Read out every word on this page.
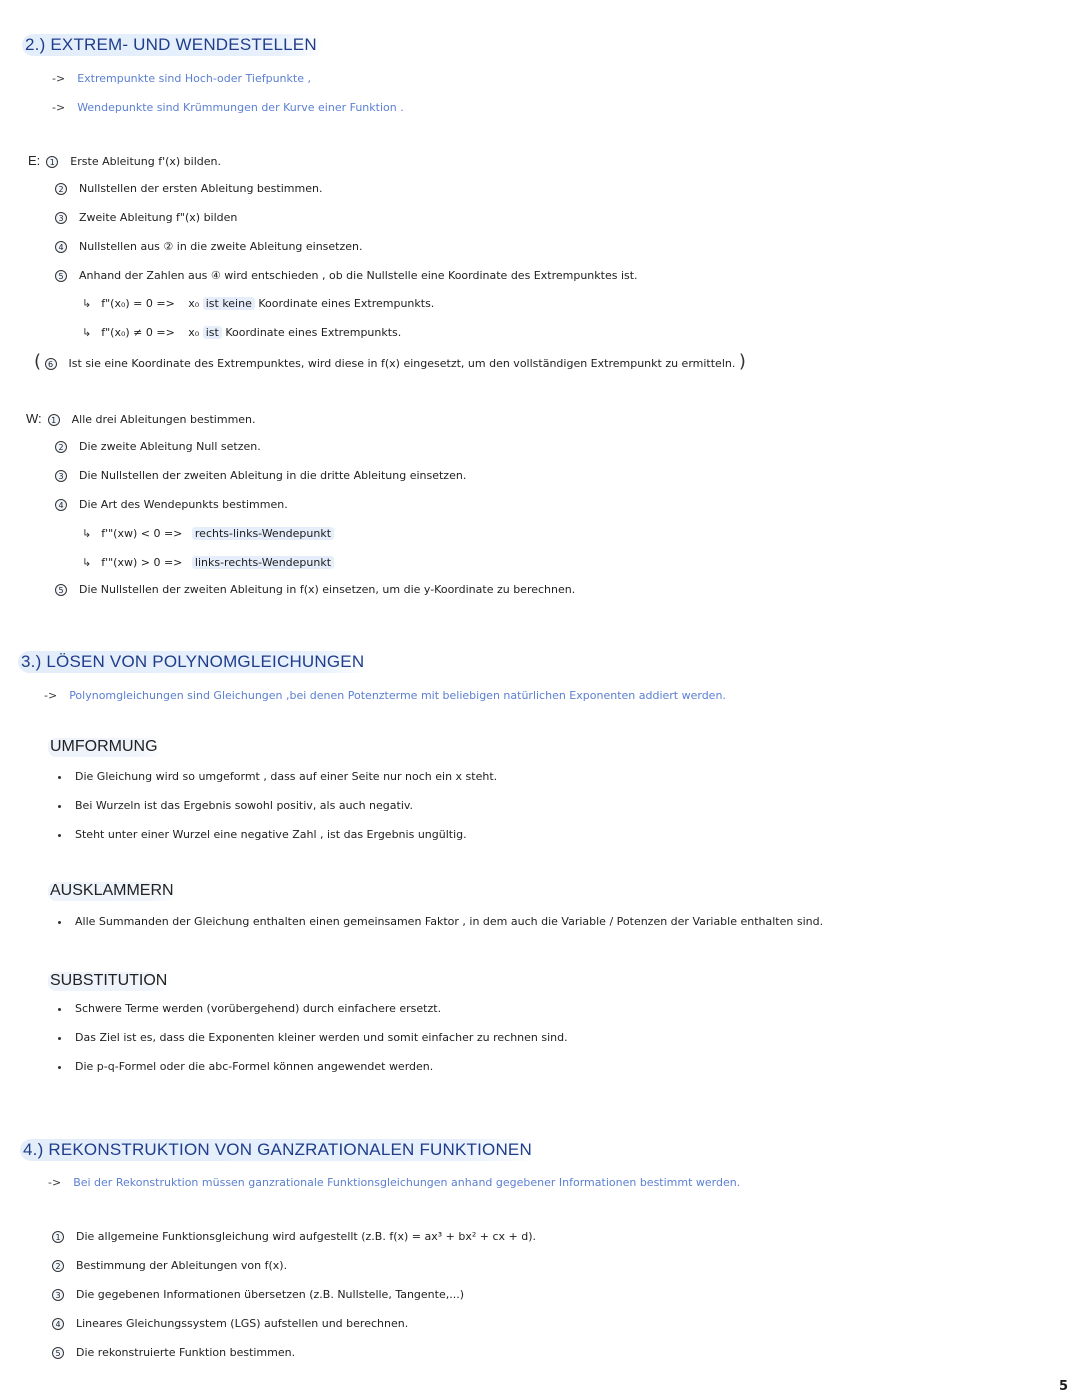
2.) EXTREM- UND WENDESTELLEN
-> Extrempunkte sind Hoch-oder Tiefpunkte ,
-> Wendepunkte sind Krümmungen der Kurve einer Funktion .
E: 1 Erste Ableitung f'(x) bilden.
2 Nullstellen der ersten Ableitung bestimmen.
3 Zweite Ableitung f"(x) bilden
4 Nullstellen aus ② in die zweite Ableitung einsetzen.
5 Anhand der Zahlen aus ④ wird entschieden , ob die Nullstelle eine Koordinate des Extrempunktes ist.
↳ f"(x₀) = 0 => x₀ ist keine Koordinate eines Extrempunkts.
↳ f"(x₀) ≠ 0 => x₀ ist Koordinate eines Extrempunkts.
( 6 Ist sie eine Koordinate des Extrempunktes, wird diese in f(x) eingesetzt, um den vollständigen Extrempunkt zu ermitteln. )
W: 1 Alle drei Ableitungen bestimmen.
2 Die zweite Ableitung Null setzen.
3 Die Nullstellen der zweiten Ableitung in die dritte Ableitung einsetzen.
4 Die Art des Wendepunkts bestimmen.
↳ f'"(xw) < 0 => rechts-links-Wendepunkt
↳ f'"(xw) > 0 => links-rechts-Wendepunkt
5 Die Nullstellen der zweiten Ableitung in f(x) einsetzen, um die y-Koordinate zu berechnen.
3.) LÖSEN VON POLYNOMGLEICHUNGEN
-> Polynomgleichungen sind Gleichungen ,bei denen Potenzterme mit beliebigen natürlichen Exponenten addiert werden.
UMFORMUNG
Die Gleichung wird so umgeformt , dass auf einer Seite nur noch ein x steht.
Bei Wurzeln ist das Ergebnis sowohl positiv, als auch negativ.
Steht unter einer Wurzel eine negative Zahl , ist das Ergebnis ungültig.
AUSKLAMMERN
Alle Summanden der Gleichung enthalten einen gemeinsamen Faktor , in dem auch die Variable / Potenzen der Variable enthalten sind.
SUBSTITUTION
Schwere Terme werden (vorübergehend) durch einfachere ersetzt.
Das Ziel ist es, dass die Exponenten kleiner werden und somit einfacher zu rechnen sind.
Die p-q-Formel oder die abc-Formel können angewendet werden.
4.) REKONSTRUKTION VON GANZRATIONALEN FUNKTIONEN
-> Bei der Rekonstruktion müssen ganzrationale Funktionsgleichungen anhand gegebener Informationen bestimmt werden.
1 Die allgemeine Funktionsgleichung wird aufgestellt (z.B. f(x) = ax³ + bx² + cx + d).
2 Bestimmung der Ableitungen von f(x).
3 Die gegebenen Informationen übersetzen (z.B. Nullstelle, Tangente,...)
4 Lineares Gleichungssystem (LGS) aufstellen und berechnen.
5 Die rekonstruierte Funktion bestimmen.
5
